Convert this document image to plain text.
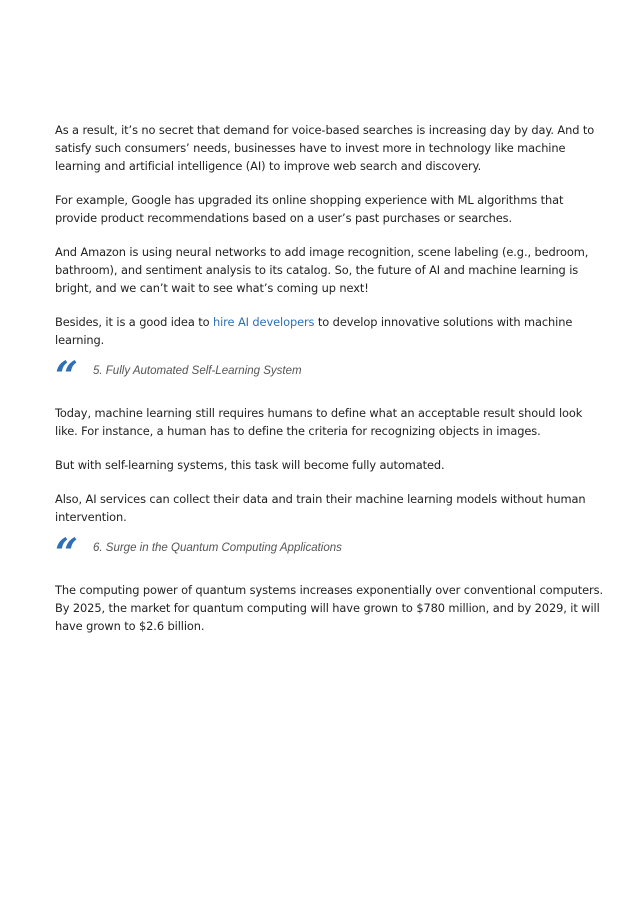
As a result, it’s no secret that demand for voice-based searches is increasing day by day. And to satisfy such consumers’ needs, businesses have to invest more in technology like machine learning and artificial intelligence (AI) to improve web search and discovery.

For example, Google has upgraded its online shopping experience with ML algorithms that provide product recommendations based on a user’s past purchases or searches.

And Amazon is using neural networks to add image recognition, scene labeling (e.g., bedroom, bathroom), and sentiment analysis to its catalog. So, the future of AI and machine learning is bright, and we can’t wait to see what’s coming up next!

Besides, it is a good idea to hire AI developers to develop innovative solutions with machine learning.

“	5. Fully Automated Self-Learning System

Today, machine learning still requires humans to define what an acceptable result should look like. For instance, a human has to define the criteria for recognizing objects in images.

But with self-learning systems, this task will become fully automated.

Also, AI services can collect their data and train their machine learning models without human intervention.

“	6. Surge in the Quantum Computing Applications

The computing power of quantum systems increases exponentially over conventional computers. By 2025, the market for quantum computing will have grown to $780 million, and by 2029, it will have grown to $2.6 billion.
